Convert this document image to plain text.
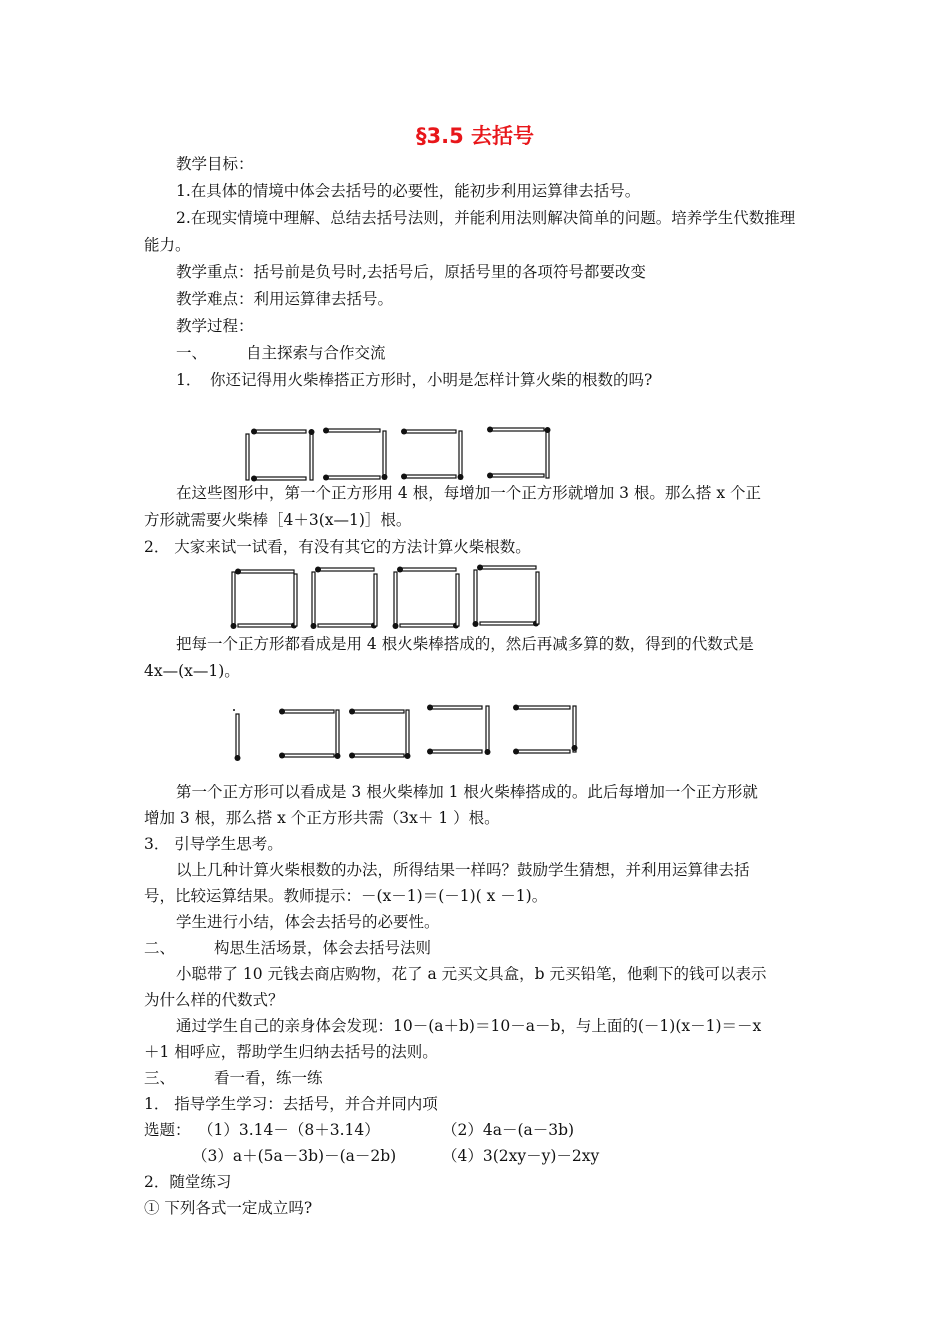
§3.5 去括号
教学目标：
1.在具体的情境中体会去括号的必要性，能初步利用运算律去括号。
2.在现实情境中理解、总结去括号法则，并能利用法则解决简单的问题。培养学生代数推理
能力。
教学重点：括号前是负号时,去括号后，原括号里的各项符号都要改变
教学难点：利用运算律去括号。
教学过程：
一、	自主探索与合作交流
1． 你还记得用火柴棒搭正方形时，小明是怎样计算火柴的根数的吗?
在这些图形中，第一个正方形用 4 根，每增加一个正方形就增加 3 根。那么搭 x 个正
方形就需要火柴棒［4＋3(x—1)］根。
2． 大家来试一试看，有没有其它的方法计算火柴根数。
把每一个正方形都看成是用 4 根火柴棒搭成的，然后再减多算的数，得到的代数式是
4x—(x—1)。
第一个正方形可以看成是 3 根火柴棒加 1 根火柴棒搭成的。此后每增加一个正方形就
增加 3 根，那么搭 x 个正方形共需（3x＋ 1 ）根。
3． 引导学生思考。
以上几种计算火柴根数的办法，所得结果一样吗？鼓励学生猜想，并利用运算律去括
号，比较运算结果。教师提示：－(x－1)＝(－1)( x －1)。
学生进行小结，体会去括号的必要性。
二、	构思生活场景，体会去括号法则
小聪带了 10 元钱去商店购物，花了 a 元买文具盒，b 元买铅笔，他剩下的钱可以表示
为什么样的代数式？
通过学生自己的亲身体会发现：10－(a＋b)＝10－a－b，与上面的(－1)(x－1)＝－x
＋1 相呼应，帮助学生归纳去括号的法则。
三、	看一看，练一练
1． 指导学生学习：去括号，并合并同内项
选题： （1）3.14－（8＋3.14）	（2）4a－(a－3b)
（3）a＋(5a－3b)－(a－2b)	（4）3(2xy－y)－2xy
2．随堂练习
① 下列各式一定成立吗?
